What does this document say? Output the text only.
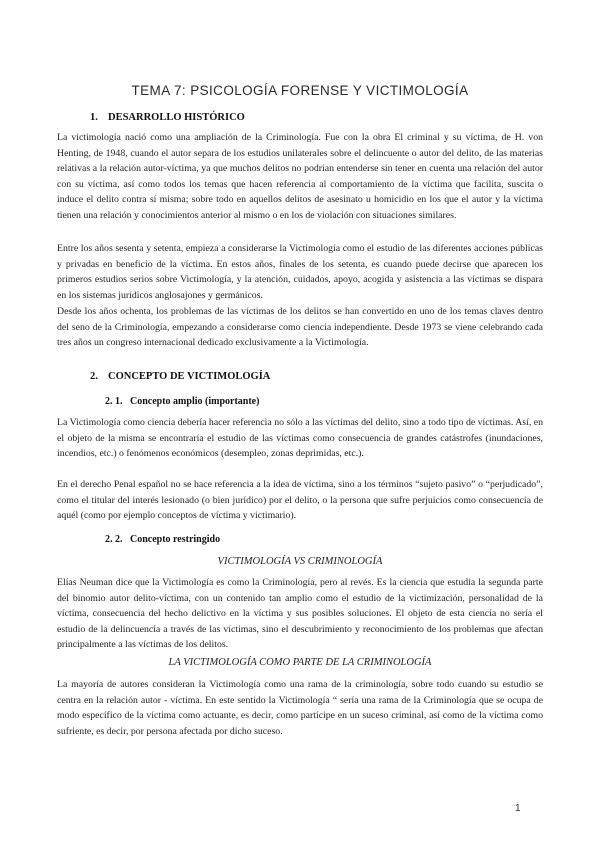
TEMA 7: PSICOLOGÍA FORENSE Y VICTIMOLOGÍA
1. DESARROLLO HISTÓRICO

La victimología nació como una ampliación de la Criminología. Fue con la obra El criminal y su víctima, de H. von Henting, de 1948, cuando el autor separa de los estudios unilaterales sobre el delincuente o autor del delito, de las materias relativas a la relación autor-víctima, ya que muchos delitos no podrían entenderse sin tener en cuenta una relación del autor con su víctima, así como todos los temas que hacen referencia al comportamiento de la víctima que facilita, suscita o induce el delito contra sí misma; sobre todo en aquellos delitos de asesinato u homicidio en los que el autor y la víctima tienen una relación y conocimientos anterior al mismo o en los de violación con situaciones similares.

Entre los años sesenta y setenta, empieza a considerarse la Victimología como el estudio de las diferentes acciones públicas y privadas en beneficio de la víctima. En estos años, finales de los setenta, es cuando puede decirse que aparecen los primeros estudios serios sobre Victimología, y la atención, cuidados, apoyo, acogida y asistencia a las víctimas se dispara en los sistemas jurídicos anglosajones y germánicos.

Desde los años ochenta, los problemas de las víctimas de los delitos se han convertido en uno de los temas claves dentro del seno de la Criminología, empezando a considerarse como ciencia independiente. Desde 1973 se viene celebrando cada tres años un congreso internacional dedicado exclusivamente a la Victimología.

2. CONCEPTO DE VICTIMOLOGÍA
2. 1. Concepto amplio (importante)

La Victimología como ciencia debería hacer referencia no sólo a las víctimas del delito, sino a todo tipo de víctimas. Así, en el objeto de la misma se encontraría el estudio de las víctimas como consecuencia de grandes catástrofes (inundaciones, incendios, etc.) o fenómenos económicos (desempleo, zonas deprimidas, etc.).

En el derecho Penal español no se hace referencia a la idea de víctima, sino a los términos “sujeto pasivo” o “perjudicado”, como el titular del interés lesionado (o bien jurídico) por el delito, o la persona que sufre perjuicios como consecuencia de aquél (como por ejemplo conceptos de víctima y victimario).

2. 2. Concepto restringido
VICTIMOLOGÍA VS CRIMINOLOGÍA

Elías Neuman dice que la Victimología es como la Criminología, pero al revés. Es la ciencia que estudia la segunda parte del binomio autor delito-víctima, con un contenido tan amplio como el estudio de la victimización, personalidad de la víctima, consecuencia del hecho delictivo en la víctima y sus posibles soluciones. El objeto de esta ciencia no sería el estudio de la delincuencia a través de las víctimas, sino el descubrimiento y reconocimiento de los problemas que afectan principalmente a las víctimas de los delitos.

LA VICTIMOLOGÍA COMO PARTE DE LA CRIMINOLOGÍA

La mayoría de autores consideran la Victimología como una rama de la criminología, sobre todo cuando su estudio se centra en la relación autor - víctima. En este sentido la Victimología “ sería una rama de la Criminología que se ocupa de modo específico de la víctima como actuante, es decir, como partícipe en un suceso criminal, así como de la víctima como sufriente, es decir, por persona afectada por dicho suceso.

1
